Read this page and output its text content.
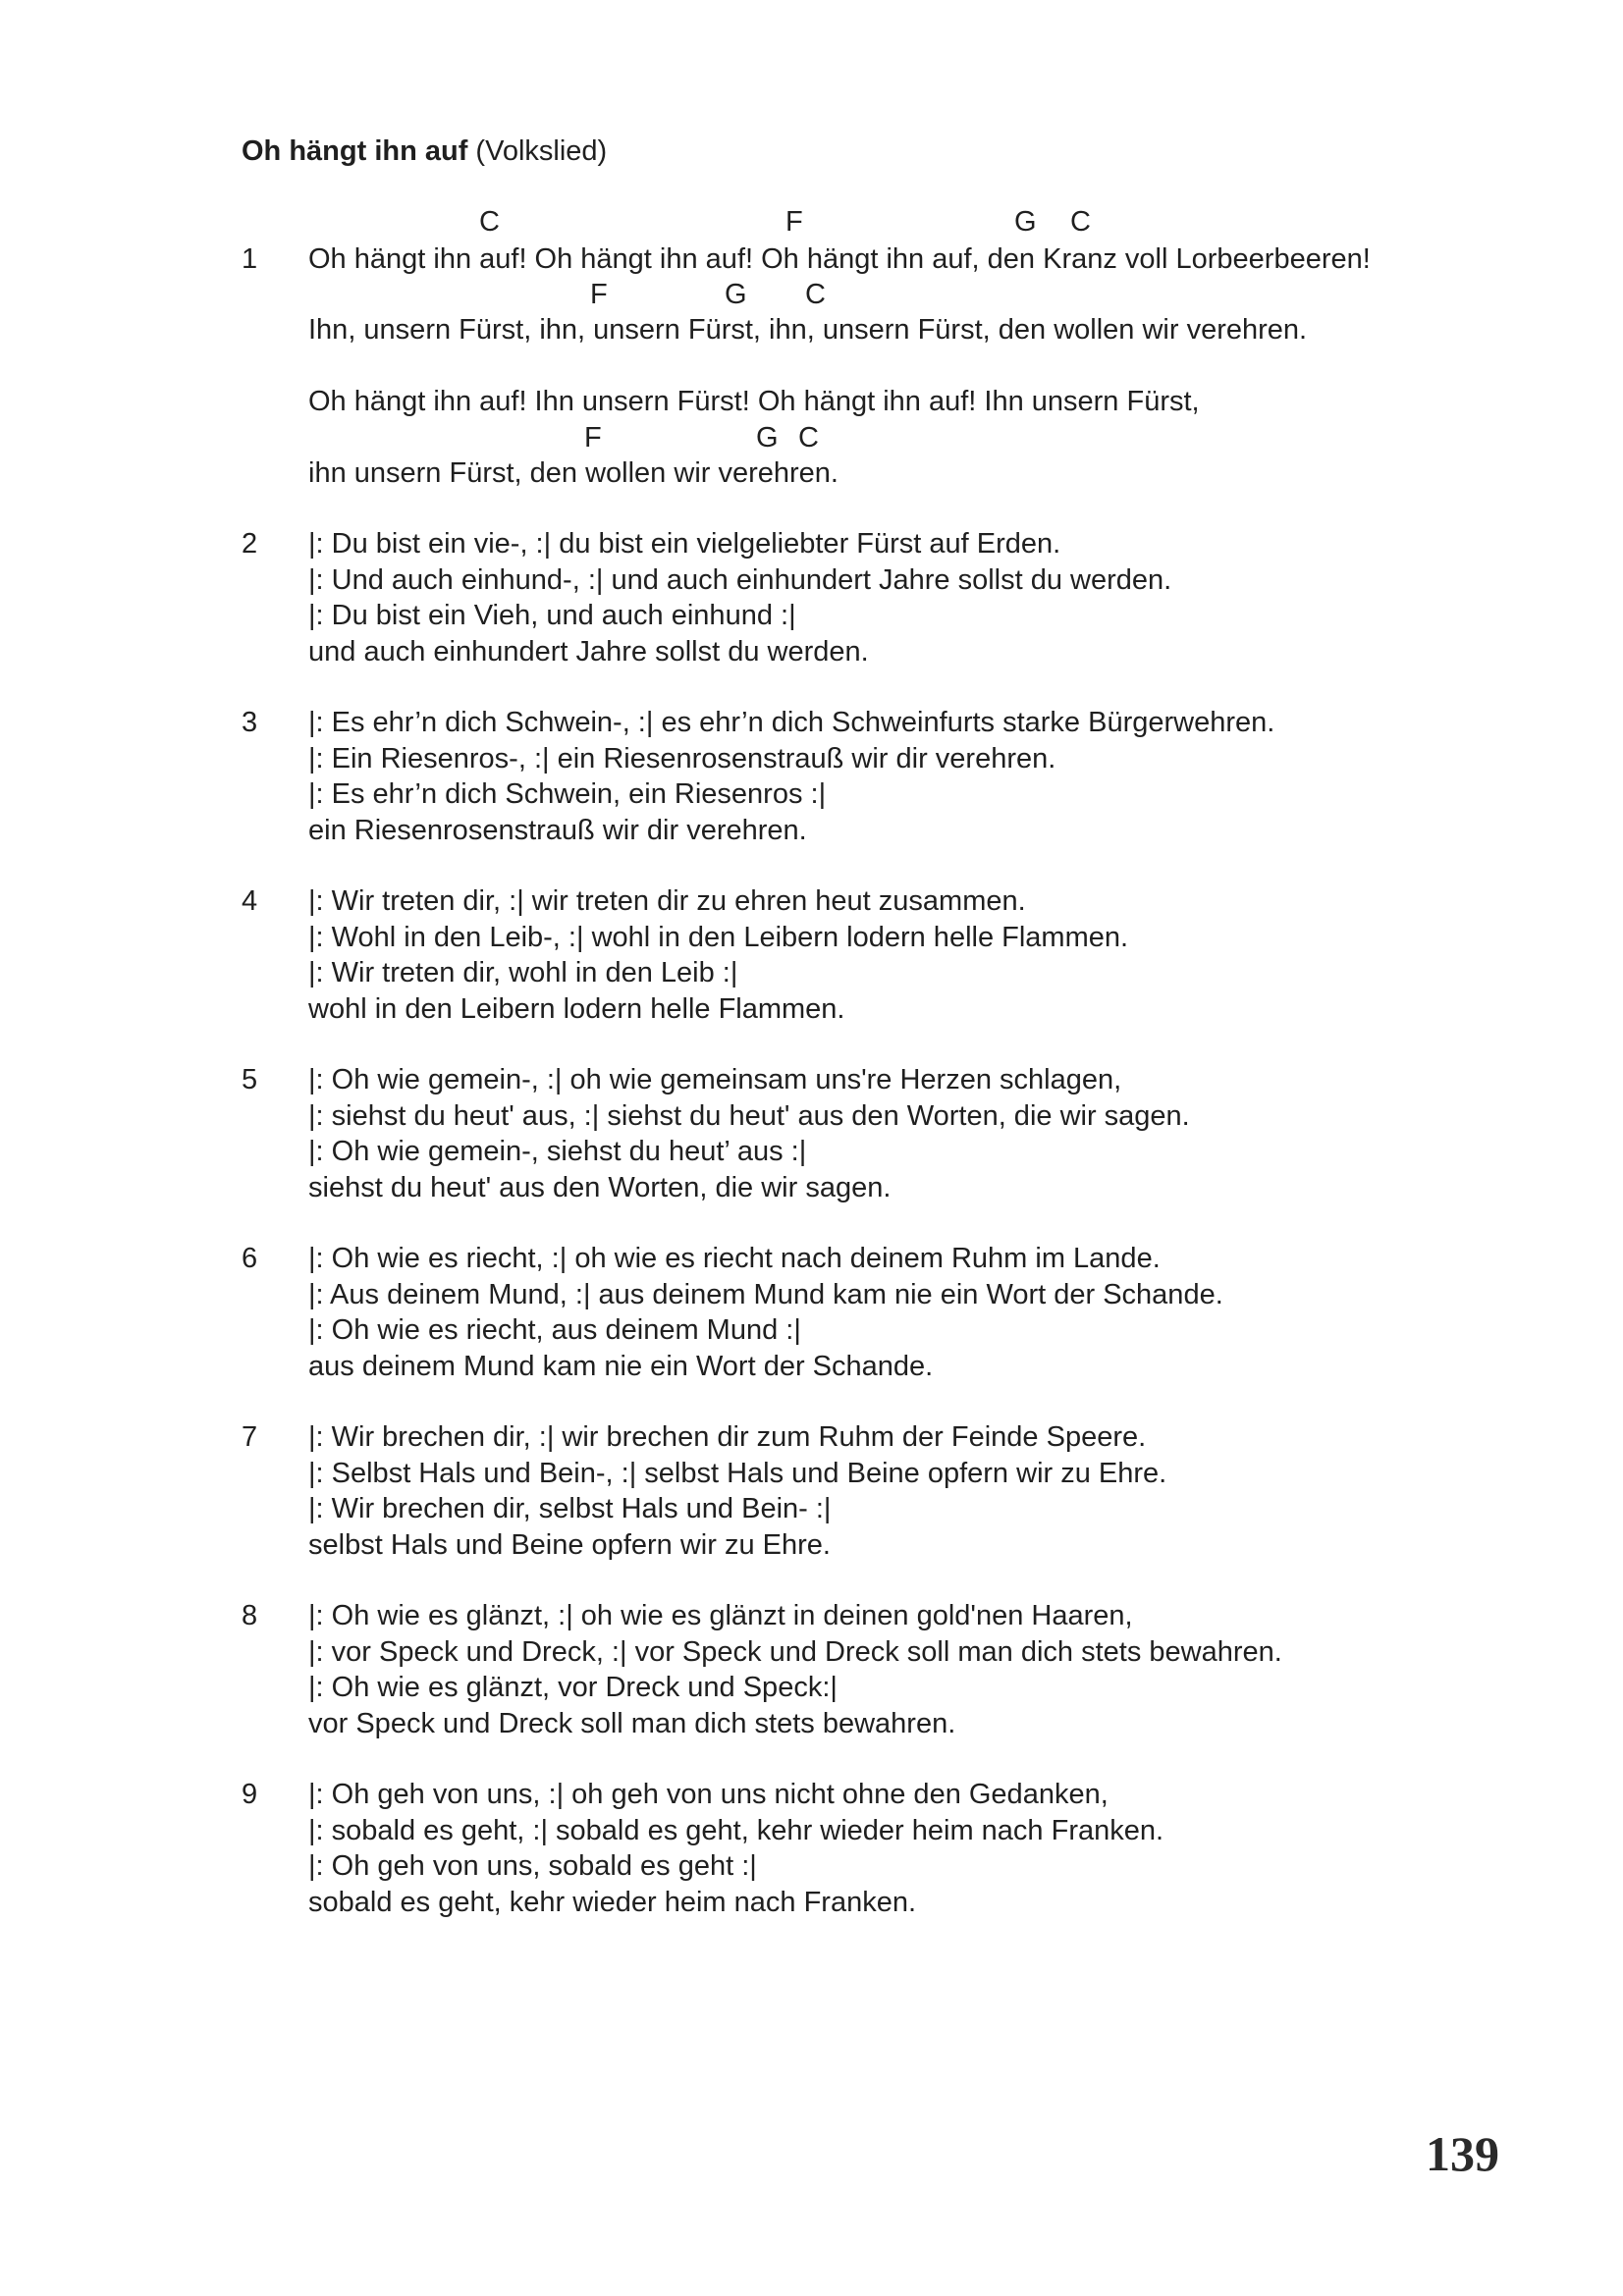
Oh hängt ihn auf (Volkslied)
C	F	G C
1 Oh hängt ihn auf! Oh hängt ihn auf! Oh hängt ihn auf, den Kranz voll Lorbeerbeeren!
F	G C
Ihn, unsern Fürst, ihn, unsern Fürst, ihn, unsern Fürst, den wollen wir verehren.
Oh hängt ihn auf! Ihn unsern Fürst! Oh hängt ihn auf! Ihn unsern Fürst,
F	G C
ihn unsern Fürst, den wollen wir verehren.
2 |: Du bist ein vie-, :| du bist ein vielgeliebter Fürst auf Erden.
|: Und auch einhund-, :| und auch einhundert Jahre sollst du werden.
|: Du bist ein Vieh, und auch einhund :|
und auch einhundert Jahre sollst du werden.
3 |: Es ehr’n dich Schwein-, :| es ehr’n dich Schweinfurts starke Bürgerwehren.
|: Ein Riesenros-, :| ein Riesenrosenstrauß wir dir verehren.
|: Es ehr’n dich Schwein, ein Riesenros :|
ein Riesenrosenstrauß wir dir verehren.
4 |: Wir treten dir, :| wir treten dir zu ehren heut zusammen.
|: Wohl in den Leib-, :| wohl in den Leibern lodern helle Flammen.
|: Wir treten dir, wohl in den Leib :|
wohl in den Leibern lodern helle Flammen.
5 |: Oh wie gemein-, :| oh wie gemeinsam uns're Herzen schlagen,
|: siehst du heut' aus, :| siehst du heut' aus den Worten, die wir sagen.
|: Oh wie gemein-, siehst du heut’ aus :|
siehst du heut' aus den Worten, die wir sagen.
6 |: Oh wie es riecht, :| oh wie es riecht nach deinem Ruhm im Lande.
|: Aus deinem Mund, :| aus deinem Mund kam nie ein Wort der Schande.
|: Oh wie es riecht, aus deinem Mund :|
aus deinem Mund kam nie ein Wort der Schande.
7 |: Wir brechen dir, :| wir brechen dir zum Ruhm der Feinde Speere.
|: Selbst Hals und Bein-, :| selbst Hals und Beine opfern wir zu Ehre.
|: Wir brechen dir, selbst Hals und Bein- :|
selbst Hals und Beine opfern wir zu Ehre.
8 |: Oh wie es glänzt, :| oh wie es glänzt in deinen gold'nen Haaren,
|: vor Speck und Dreck, :| vor Speck und Dreck soll man dich stets bewahren.
|: Oh wie es glänzt, vor Dreck und Speck:|
vor Speck und Dreck soll man dich stets bewahren.
9 |: Oh geh von uns, :| oh geh von uns nicht ohne den Gedanken,
|: sobald es geht, :| sobald es geht, kehr wieder heim nach Franken.
|: Oh geh von uns, sobald es geht :|
sobald es geht, kehr wieder heim nach Franken.
139
